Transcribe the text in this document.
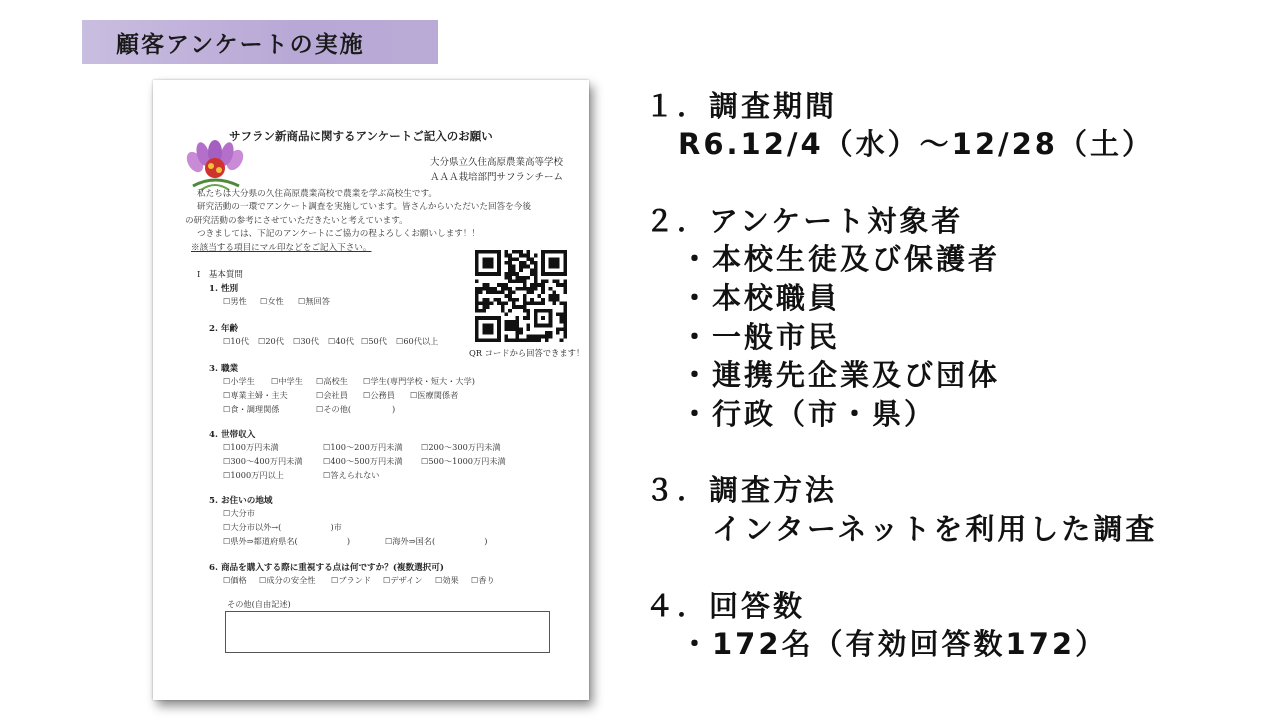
顧客アンケートの実施
サフラン新商品に関するアンケートご記入のお願い
大分県立久住高原農業高等学校
ＡＡＡ栽培部門サフランチーム
私たちは大分県の久住高原農業高校で農業を学ぶ高校生です。
研究活動の一環でアンケート調査を実施しています。皆さんからいただいた回答を今後
の研究活動の参考にさせていただきたいと考えています。
つきましては、下記のアンケートにご協力の程よろしくお願いします！！
※該当する項目にマル印などをご記入下さい。
QR コードから回答できます！
Ⅰ　基本質問
1. 性別
☐男性 ☐女性 ☐無回答
2. 年齢
☐10代 ☐20代 ☐30代 ☐40代 ☐50代 ☐60代以上
3. 職業
☐小学生 ☐中学生 ☐高校生 ☐学生(専門学校・短大・大学)
☐専業主婦・主夫	☐会社員 ☐公務員 ☐医療関係者
☐食・調理関係	☐その他(　　　　　)
4. 世帯収入
☐100万円未満	☐100～200万円未満 ☐200～300万円未満
☐300～400万円未満 ☐400～500万円未満 ☐500～1000万円未満
☐1000万円以上	☐答えられない
5. お住いの地域
☐大分市
☐大分市以外→(　　　　　　)市
☐県外⇒都道府県名(　　　　　　)	☐海外⇒国名(　　　　　　)
6. 商品を購入する際に重視する点は何ですか？(複数選択可)
☐価格 ☐成分の安全性 ☐ブランド ☐デザイン ☐効果 ☐香り
その他(自由記述)
１．調査期間
R6.12/4（水）～12/28（土）
２．アンケート対象者
・本校生徒及び保護者
・本校職員
・一般市民
・連携先企業及び団体
・行政（市・県）
３．調査方法
インターネットを利用した調査
４．回答数
・172名（有効回答数172）
